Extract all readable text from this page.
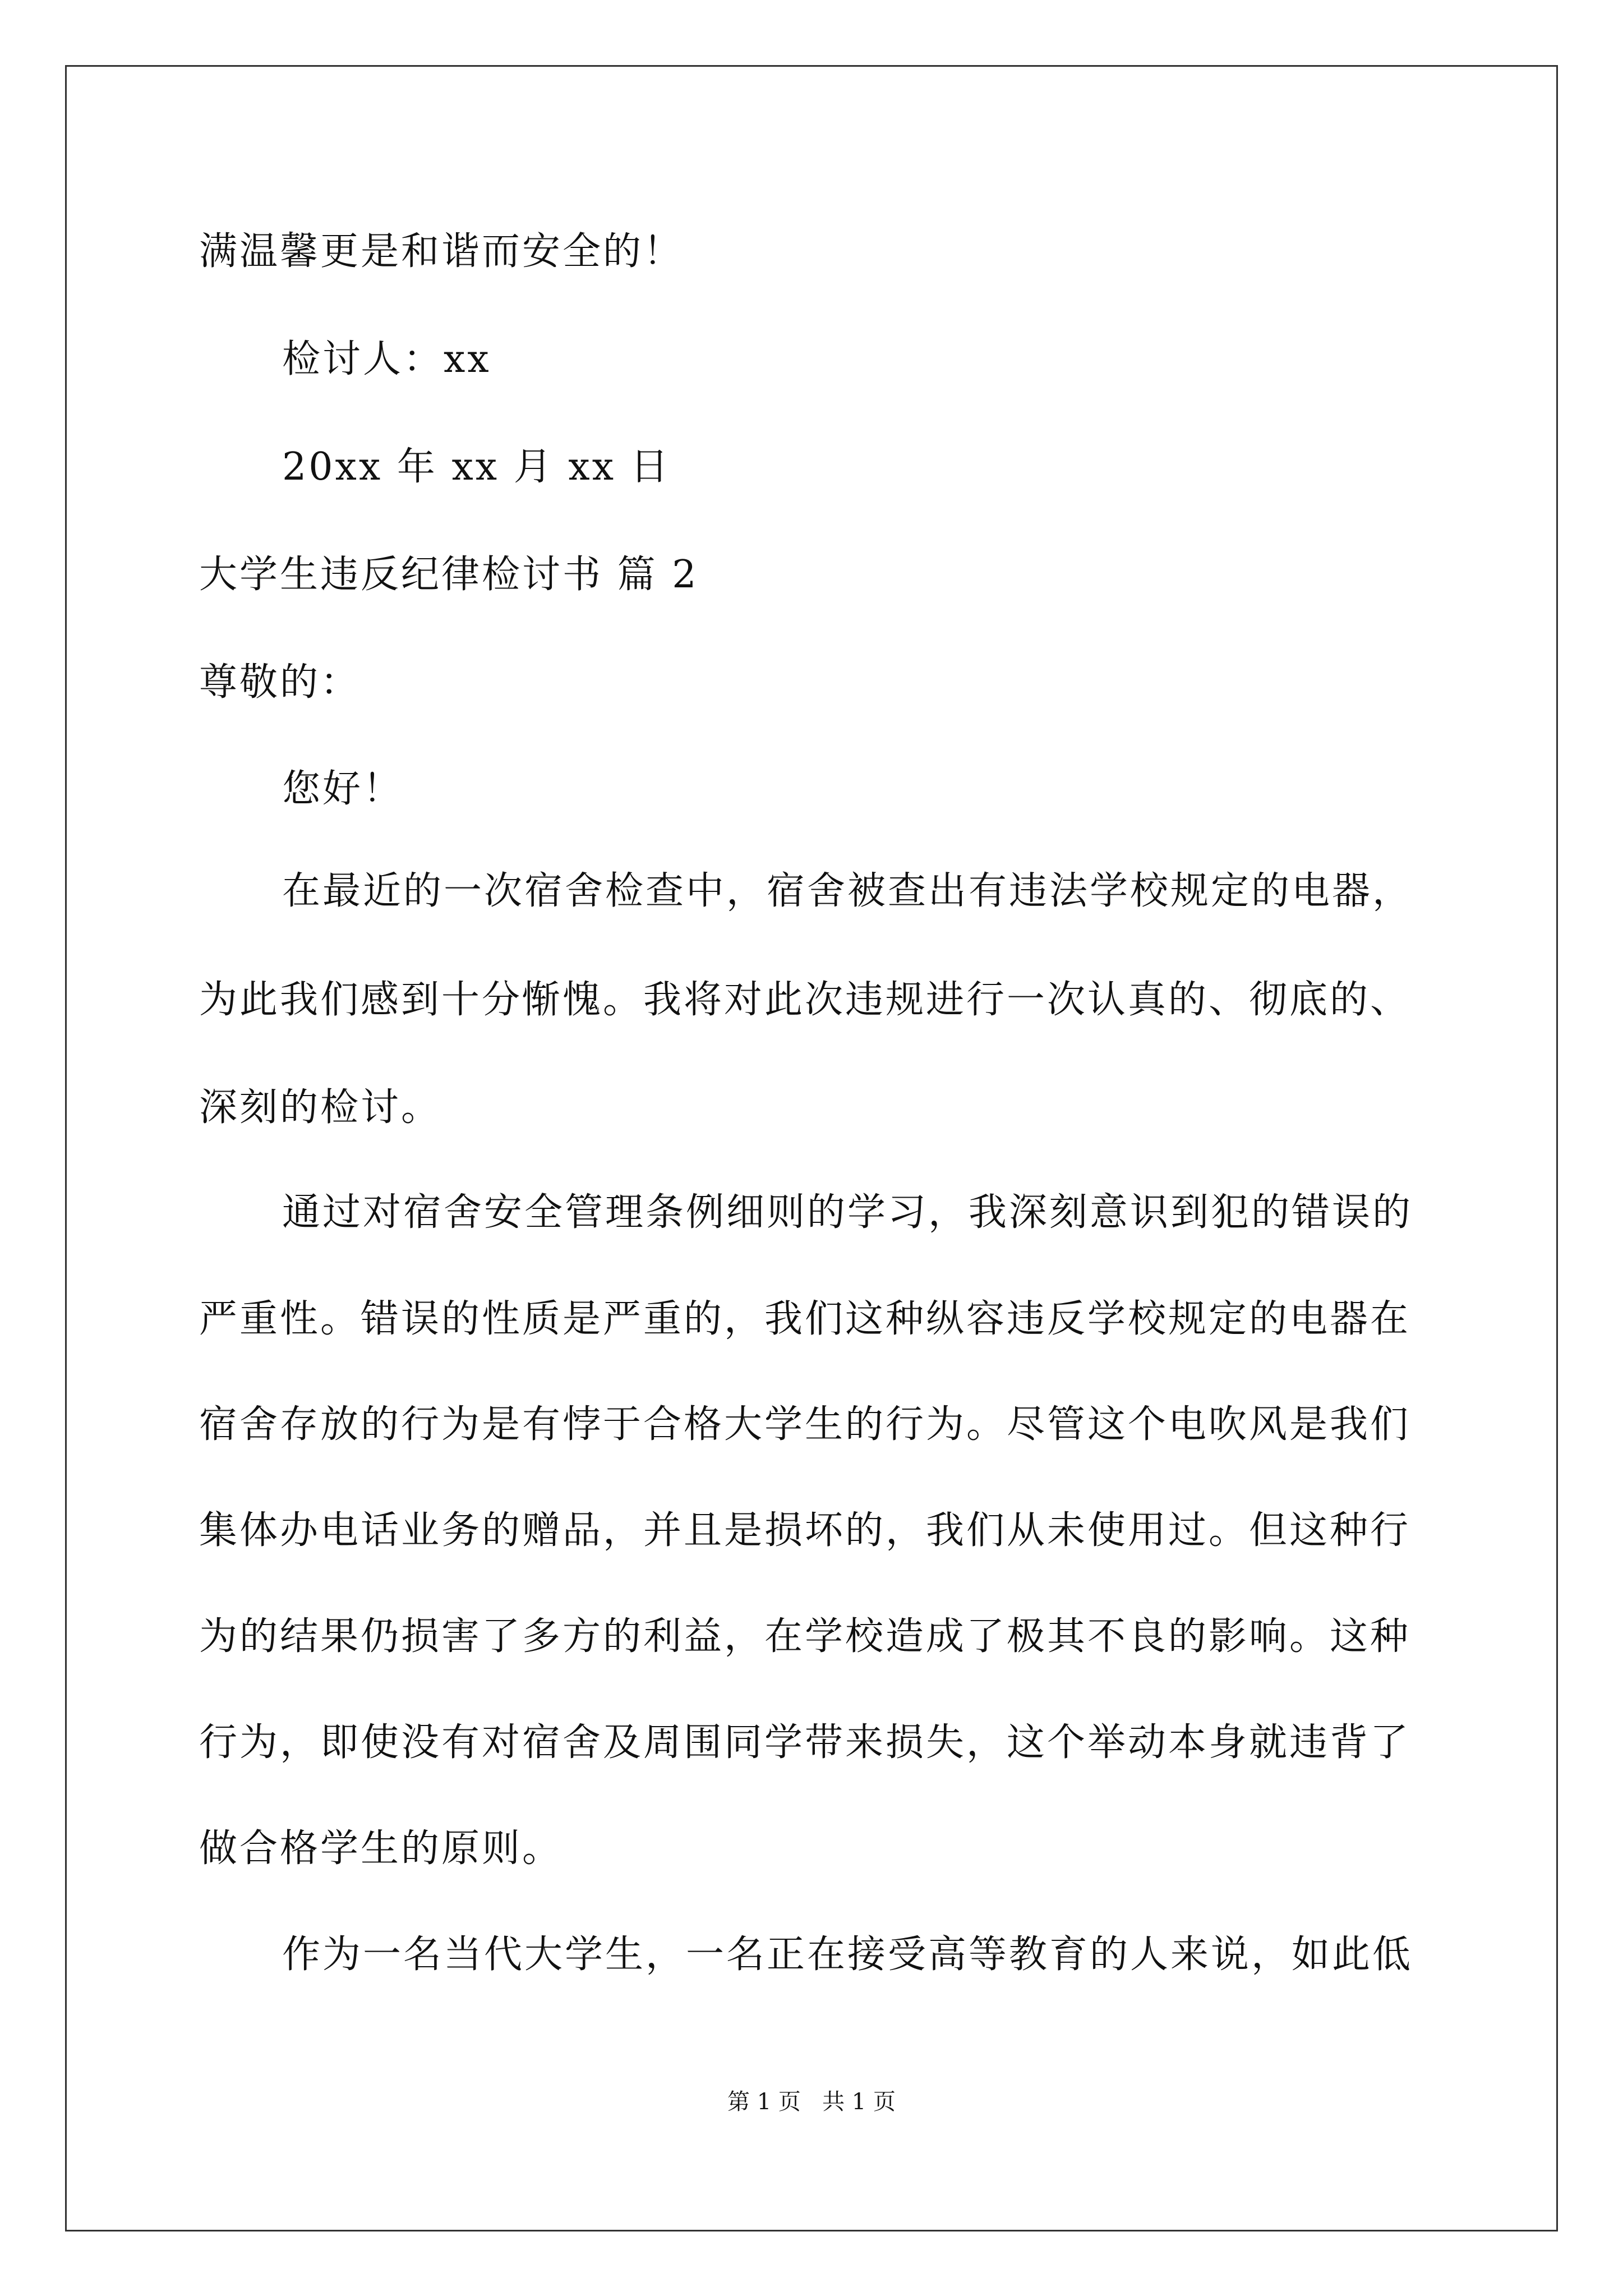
满温馨更是和谐而安全的！
检讨人：xx
20xx 年 xx 月 xx 日
大学生违反纪律检讨书 篇 2
尊敬的：
您好！
在最近的一次宿舍检查中，宿舍被查出有违法学校规定的电器，
为此我们感到十分惭愧。我将对此次违规进行一次认真的、彻底的、
深刻的检讨。
通过对宿舍安全管理条例细则的学习，我深刻意识到犯的错误的
严重性。错误的性质是严重的，我们这种纵容违反学校规定的电器在
宿舍存放的行为是有悖于合格大学生的行为。尽管这个电吹风是我们
集体办电话业务的赠品，并且是损坏的，我们从未使用过。但这种行
为的结果仍损害了多方的利益，在学校造成了极其不良的影响。这种
行为，即使没有对宿舍及周围同学带来损失，这个举动本身就违背了
做合格学生的原则。
作为一名当代大学生，一名正在接受高等教育的人来说，如此低
第 1 页   共 1 页
